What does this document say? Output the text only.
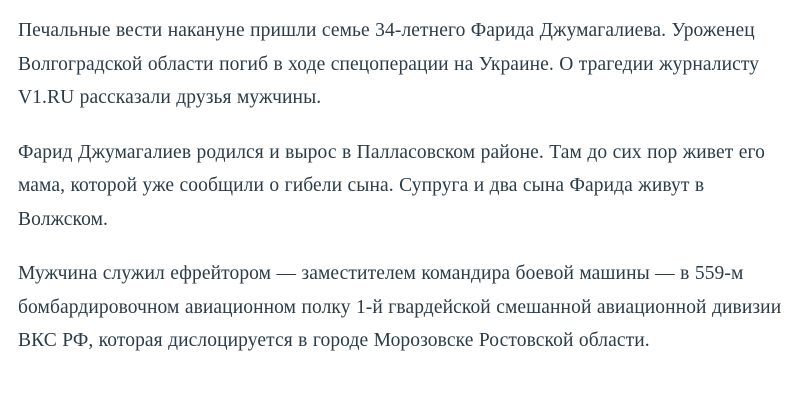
Печальные вести накануне пришли семье 34-летнего Фарида Джумагалиева. Уроженец Волгоградской области погиб в ходе спецоперации на Украине. О трагедии журналисту V1.RU рассказали друзья мужчины.

Фарид Джумагалиев родился и вырос в Палласовском районе. Там до сих пор живет его мама, которой уже сообщили о гибели сына. Супруга и два сына Фарида живут в Волжском.

Мужчина служил ефрейтором — заместителем командира боевой машины — в 559-м бомбардировочном авиационном полку 1-й гвардейской смешанной авиационной дивизии ВКС РФ, которая дислоцируется в городе Морозовске Ростовской области.
